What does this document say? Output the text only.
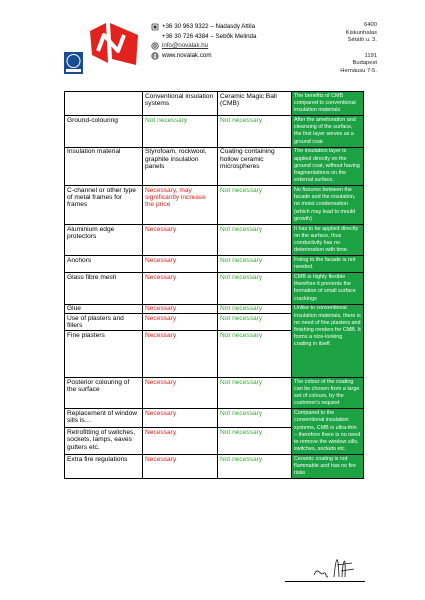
+36 30 963 9322 – Nadasdy Attila
+36 30 726 4384 – Sebők Melinda
info@novalak.hu
www.novalak.com
6400
Kiskunhalas
Sétáló u. 3.
1191
Budapest
Hernáusu 7-5.
	Conventional insulation systems	Ceramic Magic Ball (CMB)	The benefits of CMB compared to conventional insulation materials
Ground-colouring	Not necessary	Not necessary	After the amelioration and cleansing of the surface, the first layer serves as a ground coat.
Insulation material	Styrofoam, rockwool, graphite insulation panels	Coating containing hollow ceramic microspheres	The insulation layer is applied directly on the ground coat, without having fragmentations on the external surface.
C-channel or other type of metal frames for frames	Necessary, may significantly increase the price	Not necessary	No fissures between the facade and the insulation, no moist condensation (which may lead to mould growth)
Aluminium edge protectors	Necessary	Not necessary	It has to be applied directly on the surface, thus conductivity has no deterioration with time.
Anchors	Necessary	Not necessary	Fixing to the facade is not needed.
Glass fibre mesh	Necessary	Not necessary	CMB is highly flexible therefore it prevents the formation of small surface crackings
Glue	Necessary	Not necessary	Unlike to conventional insulation materials, there is no need of fine plasters and finishing renders for CMB. It forms a nice-looking coating in itself.
Use of plasters and fillers	Necessary	Not necessary	
Fine plasters	Necessary	Not necessary	
Posterior colouring of the surface	Necessary	Not necessary	The colour of the coating can be chosen from a large set of colours, by the customer's request
Replacement of window sills is…	Necessary	Not necessary	Compared to the conventional insulation systems, CMB is ultra-thin – therefore there is no need to remove the window sills, switches, sockets etc.
Retrofitting of switches, sockets, lamps, eaves gutters etc.	Necessary	Not necessary	
Extra fire regulations	Necessary	Not necessary	Ceramic coating is not flammable and has no fire risks
